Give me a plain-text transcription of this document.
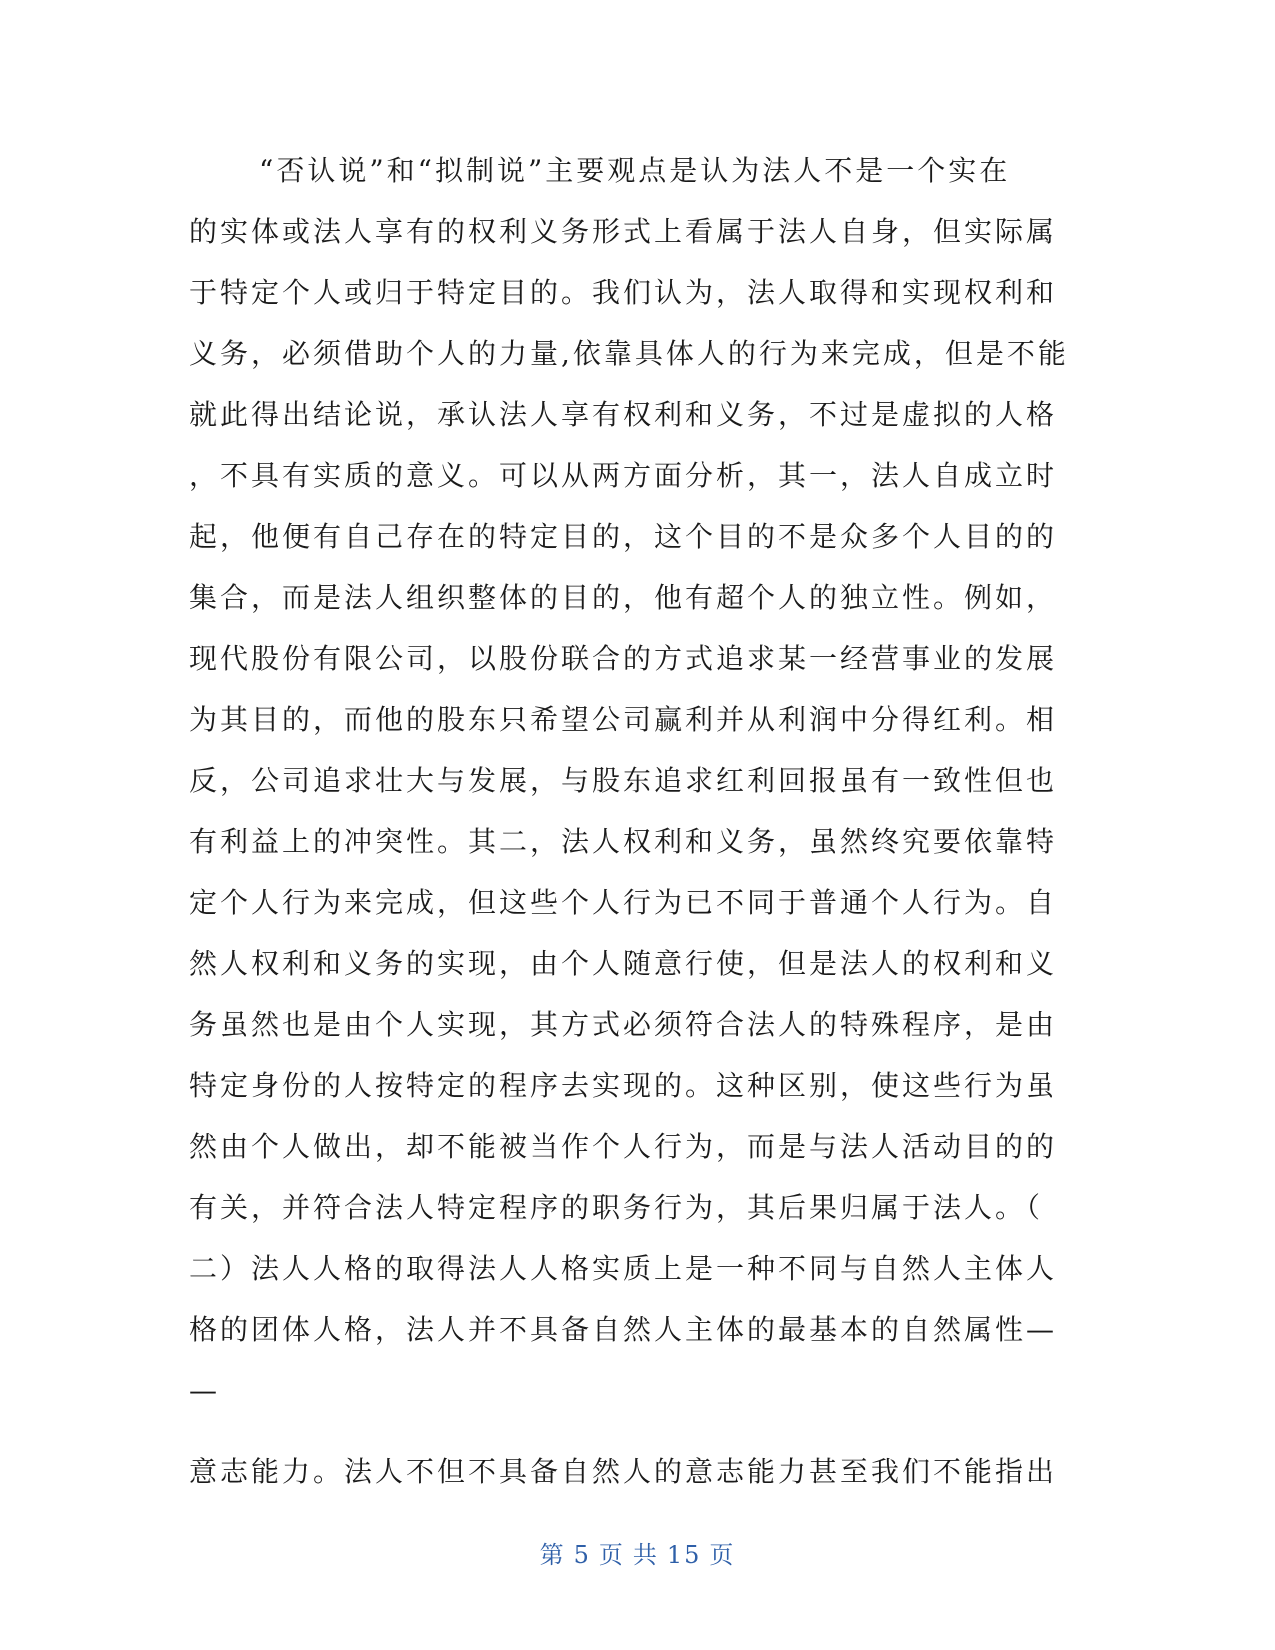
“否认说”和“拟制说”主要观点是认为法人不是一个实在
的实体或法人享有的权利义务形式上看属于法人自身，但实际属
于特定个人或归于特定目的。我们认为，法人取得和实现权利和
义务，必须借助个人的力量,依靠具体人的行为来完成，但是不能
就此得出结论说，承认法人享有权利和义务，不过是虚拟的人格
，不具有实质的意义。可以从两方面分析，其一，法人自成立时
起，他便有自己存在的特定目的，这个目的不是众多个人目的的
集合，而是法人组织整体的目的，他有超个人的独立性。例如，
现代股份有限公司，以股份联合的方式追求某一经营事业的发展
为其目的，而他的股东只希望公司赢利并从利润中分得红利。相
反，公司追求壮大与发展，与股东追求红利回报虽有一致性但也
有利益上的冲突性。其二，法人权利和义务，虽然终究要依靠特
定个人行为来完成，但这些个人行为已不同于普通个人行为。自
然人权利和义务的实现，由个人随意行使，但是法人的权利和义
务虽然也是由个人实现，其方式必须符合法人的特殊程序，是由
特定身份的人按特定的程序去实现的。这种区别，使这些行为虽
然由个人做出，却不能被当作个人行为，而是与法人活动目的的
有关，并符合法人特定程序的职务行为，其后果归属于法人。（
二）法人人格的取得法人人格实质上是一种不同与自然人主体人
格的团体人格，法人并不具备自然人主体的最基本的自然属性—
—
意志能力。法人不但不具备自然人的意志能力甚至我们不能指出
第 5 页 共 15 页
